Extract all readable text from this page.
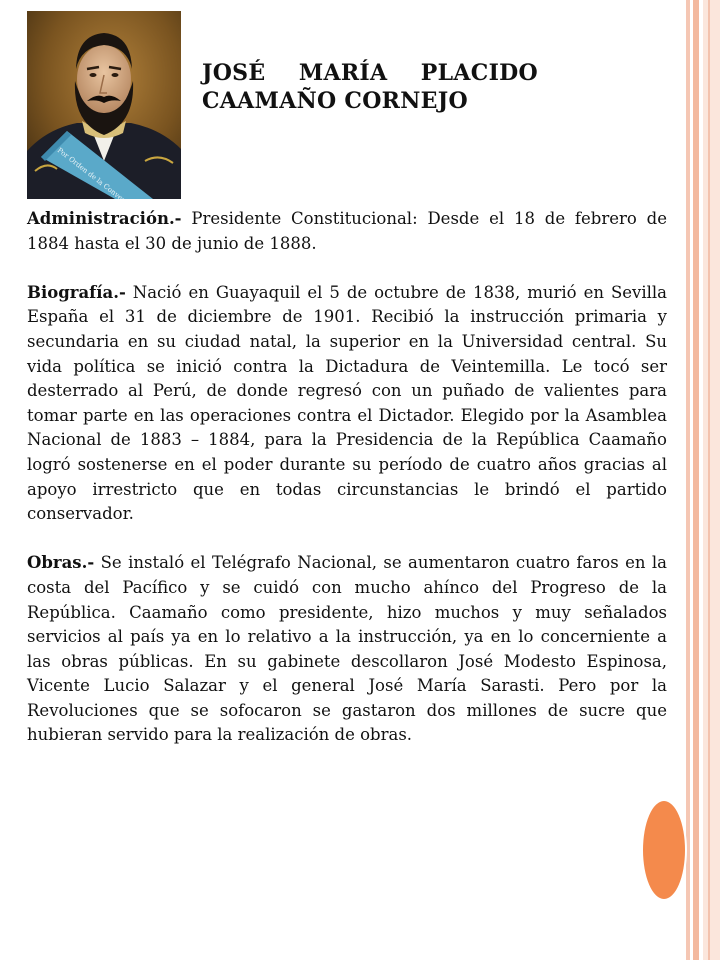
JOSÉ MARÍA PLACIDO
CAAMAÑO CORNEJO

Administración.- Presidente Constitucional: Desde el 18 de febrero de 1884 hasta el 30 de junio de 1888.

Biografía.- Nació en Guayaquil el 5 de octubre de 1838, murió en Sevilla España el 31 de diciembre de 1901. Recibió la instrucción primaria y secundaria en su ciudad natal, la superior en la Universidad central. Su vida política se inició contra la Dictadura de Veintemilla. Le tocó ser desterrado al Perú, de donde regresó con un puñado de valientes para tomar parte en las operaciones contra el Dictador. Elegido por la Asamblea Nacional de 1883 – 1884, para la Presidencia de la República Caamaño logró sostenerse en el poder durante su período de cuatro años gracias al apoyo irrestricto que en todas circunstancias le brindó el partido conservador.

Obras.- Se instaló el Telégrafo Nacional, se aumentaron cuatro faros en la costa del Pacífico y se cuidó con mucho ahínco del Progreso de la República. Caamaño como presidente, hizo muchos y muy señalados servicios al país ya en lo relativo a la instrucción, ya en lo concerniente a las obras públicas. En su gabinete descollaron José Modesto Espinosa, Vicente Lucio Salazar y el general José María Sarasti. Pero por la Revoluciones que se sofocaron se gastaron dos millones de sucre que hubieran servido para la realización de obras.
